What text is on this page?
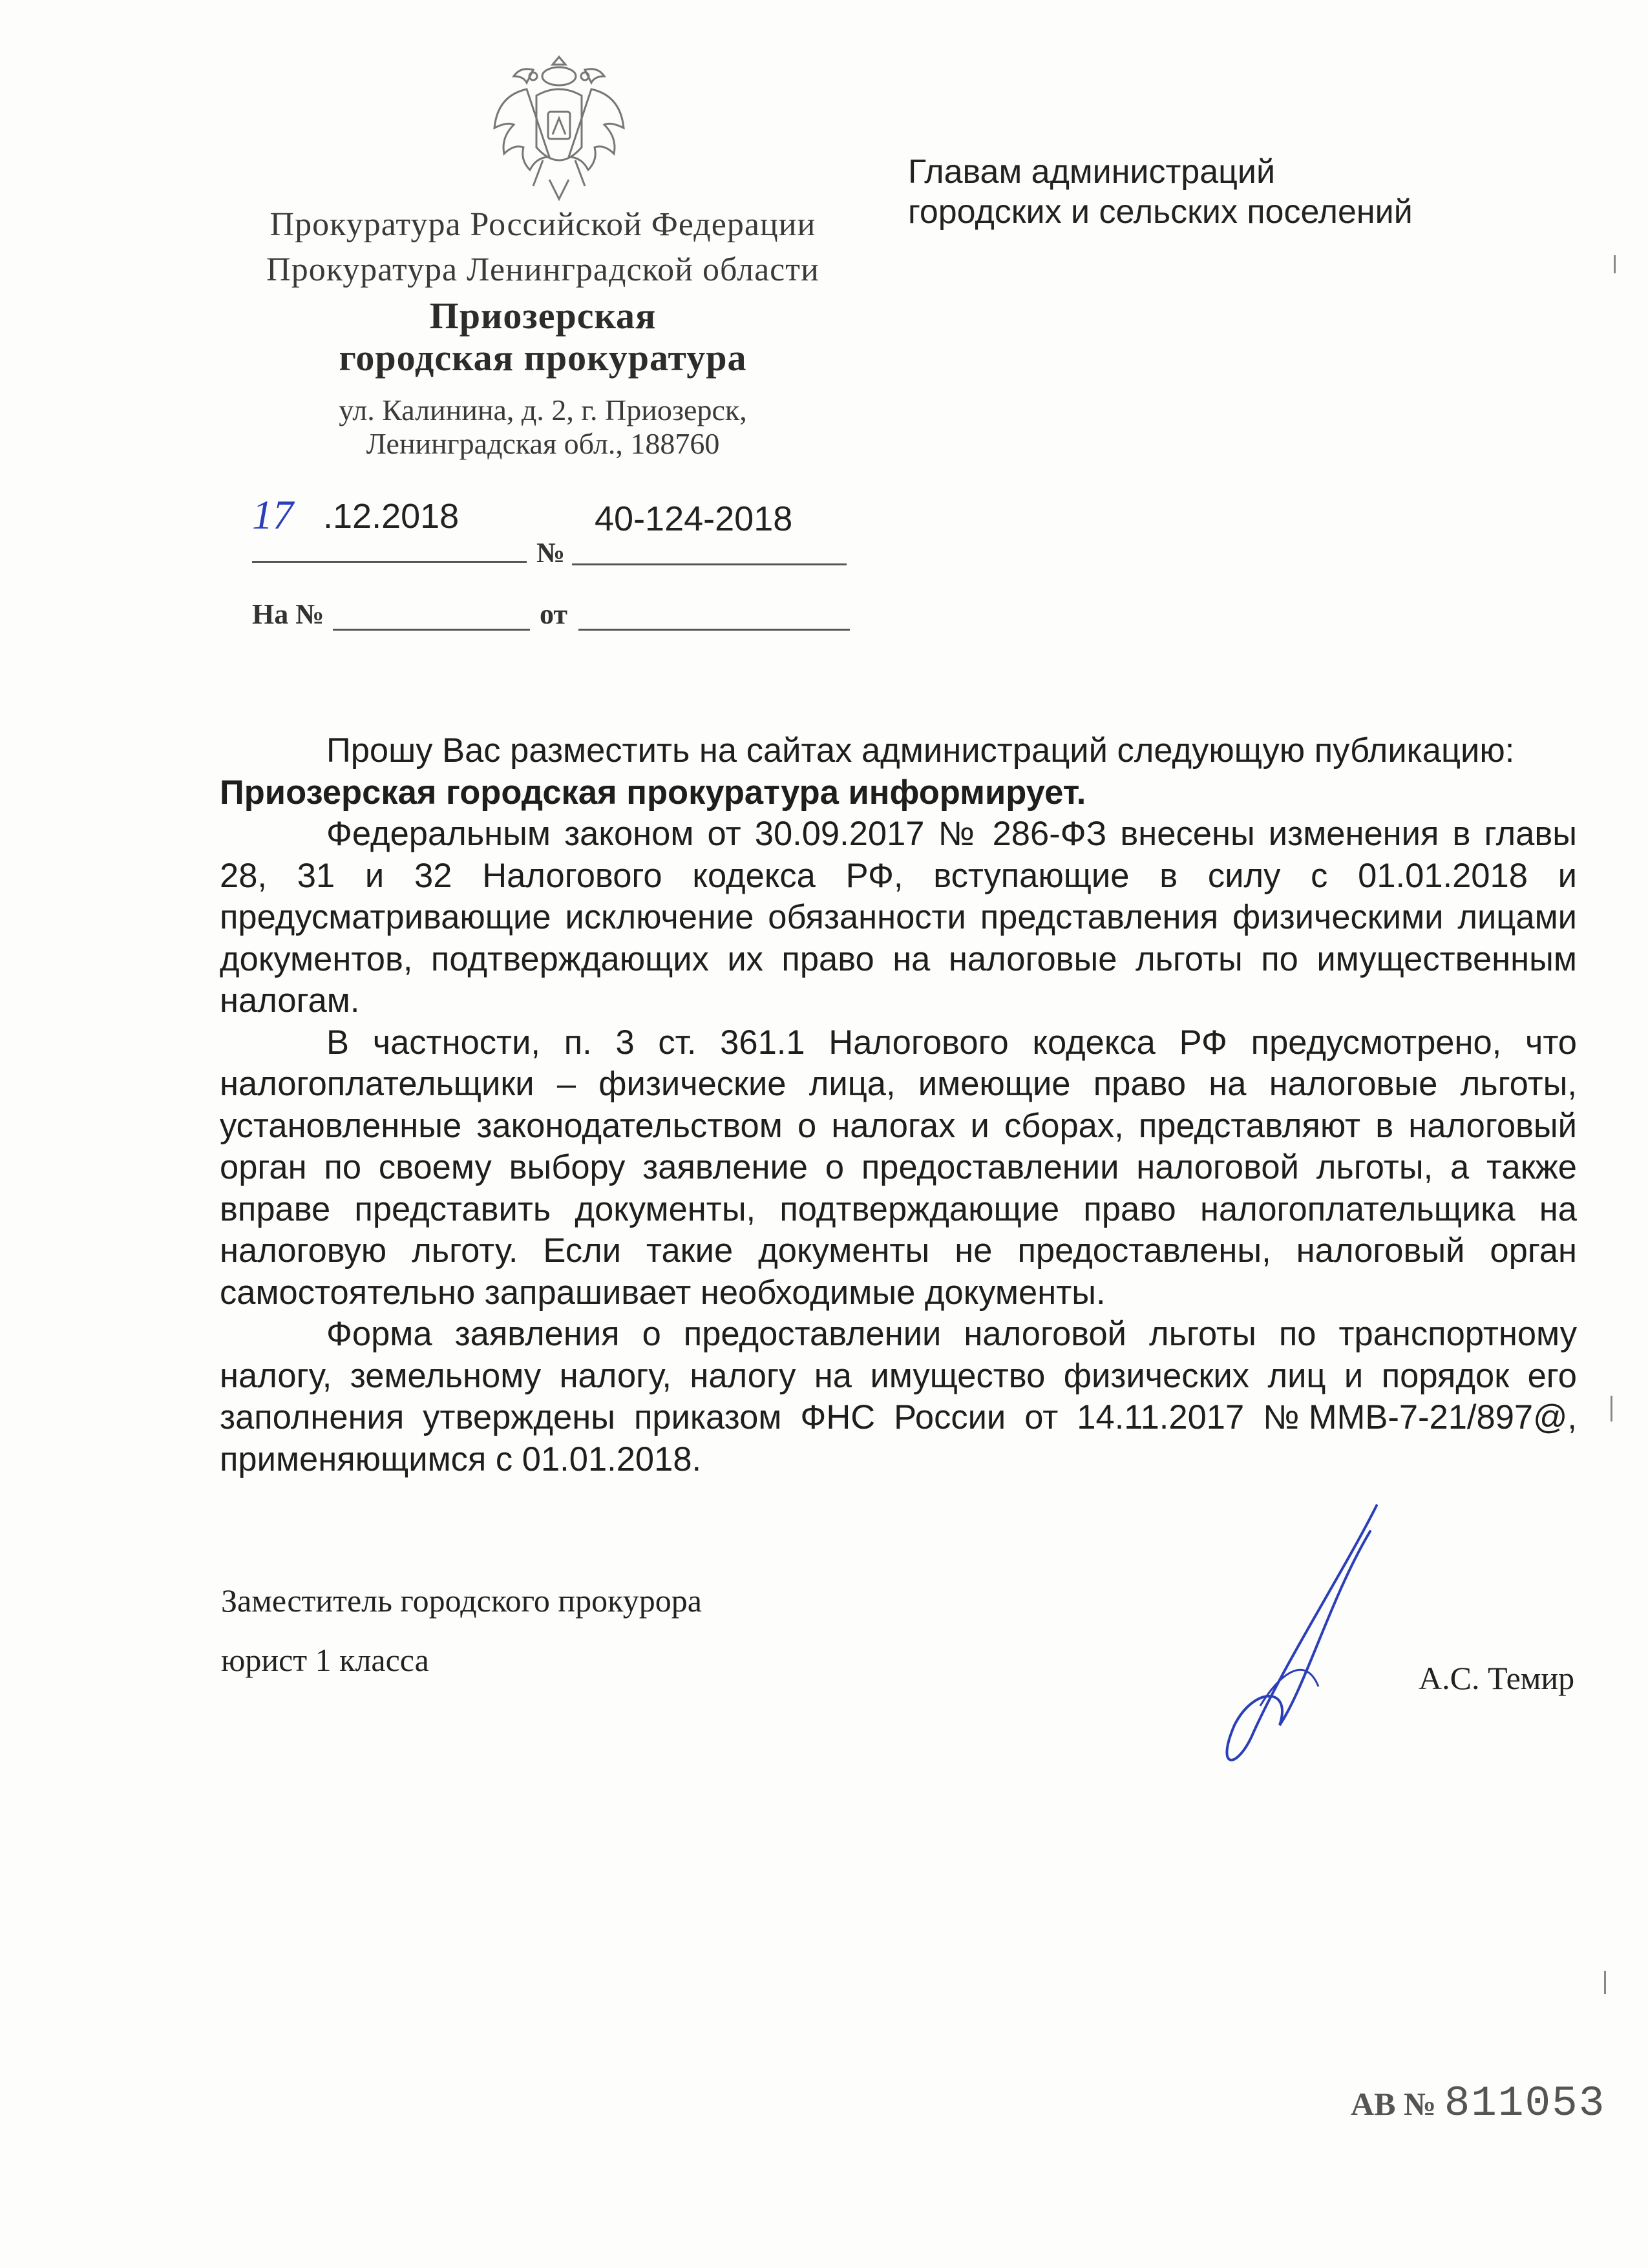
Прокуратура Российской Федерации
Прокуратура Ленинградской области
Приозерская
городская прокуратура
ул. Калинина, д. 2, г. Приозерск,
Ленинградская обл., 188760
Главам администраций
городских и сельских поселений
17 .12.2018
№
40-124-2018
На №	от

Прошу Вас разместить на сайтах администраций следующую публикацию:

Приозерская городская прокуратура информирует.

Федеральным законом от 30.09.2017 № 286-ФЗ внесены изменения в главы 28, 31 и 32 Налогового кодекса РФ, вступающие в силу с 01.01.2018 и предусматривающие исключение обязанности представления физическими лицами документов, подтверждающих их право на налоговые льготы по имущественным налогам.

В частности, п. 3 ст. 361.1 Налогового кодекса РФ предусмотрено, что налогоплательщики – физические лица, имеющие право на налоговые льготы, установленные законодательством о налогах и сборах, представляют в налоговый орган по своему выбору заявление о предоставлении налоговой льготы, а также вправе представить документы, подтверждающие право налогоплательщика на налоговую льготу. Если такие документы не предоставлены, налоговый орган самостоятельно запрашивает необходимые документы.

Форма заявления о предоставлении налоговой льготы по транспортному налогу, земельному налогу, налогу на имущество физических лиц и порядок его заполнения утверждены приказом ФНС России от 14.11.2017 №ММВ-7-21/897@, применяющимся с 01.01.2018.

Заместитель городского прокурора
юрист 1 класса	А.С. Темир
АВ № 811053
